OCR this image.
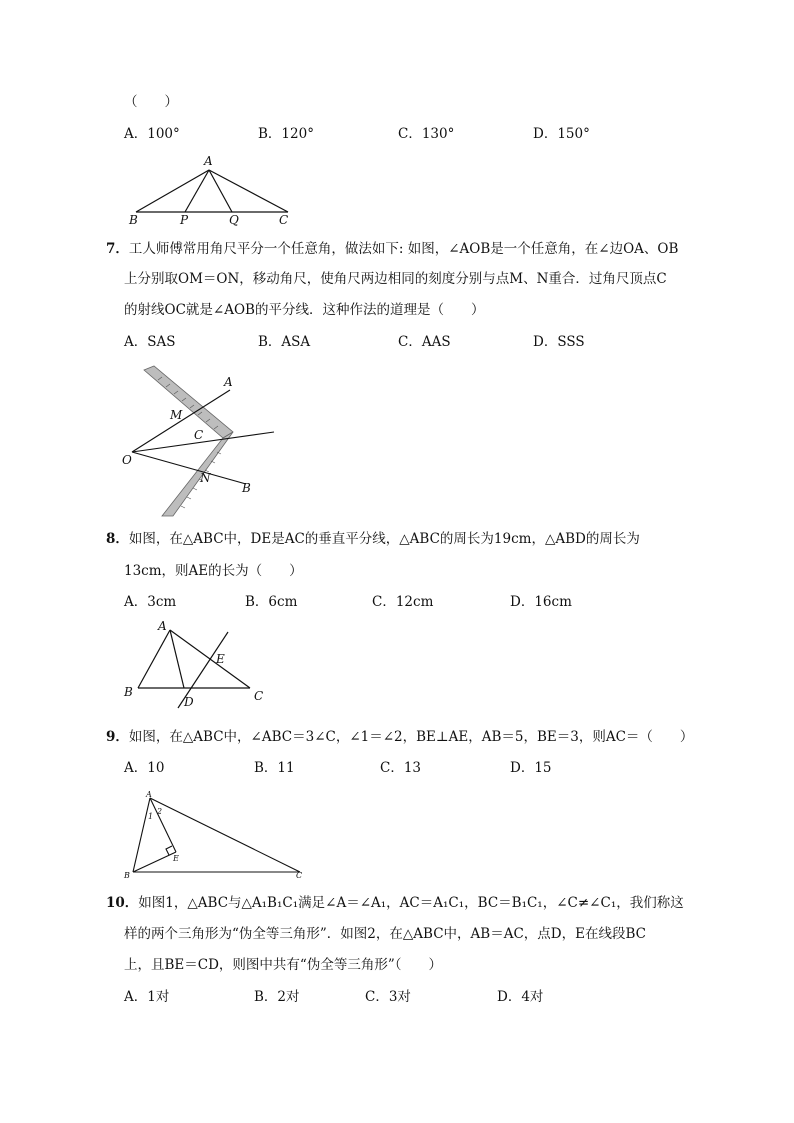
（　　）
A．100°	B．120°	C．130°	D．150°
A
B	P	Q	C
7．工人师傅常用角尺平分一个任意角，做法如下: 如图，∠AOB是一个任意角，在∠边OA、OB
上分别取OM＝ON，移动角尺，使角尺两边相同的刻度分别与点M、N重合．过角尺顶点C
的射线OC就是∠AOB的平分线．这种作法的道理是（　　）
A．SAS	B．ASA	C．AAS	D．SSS
A
M
C
O
N
B
8．如图，在△ABC中，DE是AC的垂直平分线，△ABC的周长为19cm，△ABD的周长为
13cm，则AE的长为（　　）
A．3cm	B．6cm	C．12cm	D．16cm
A
E
B
D	C
9．如图，在△ABC中，∠ABC＝3∠C，∠1＝∠2，BE⊥AE，AB＝5，BE＝3，则AC＝（　　）
A．10	B．11	C．13	D．15
A
1
2
E
B	C
10．如图1，△ABC与△A₁B₁C₁满足∠A＝∠A₁，AC＝A₁C₁，BC＝B₁C₁，∠C≠∠C₁，我们称这
样的两个三角形为“伪全等三角形”．如图2，在△ABC中，AB＝AC，点D，E在线段BC
上，且BE＝CD，则图中共有“伪全等三角形”（　　）
A．1对	B．2对	C．3对	D．4对
